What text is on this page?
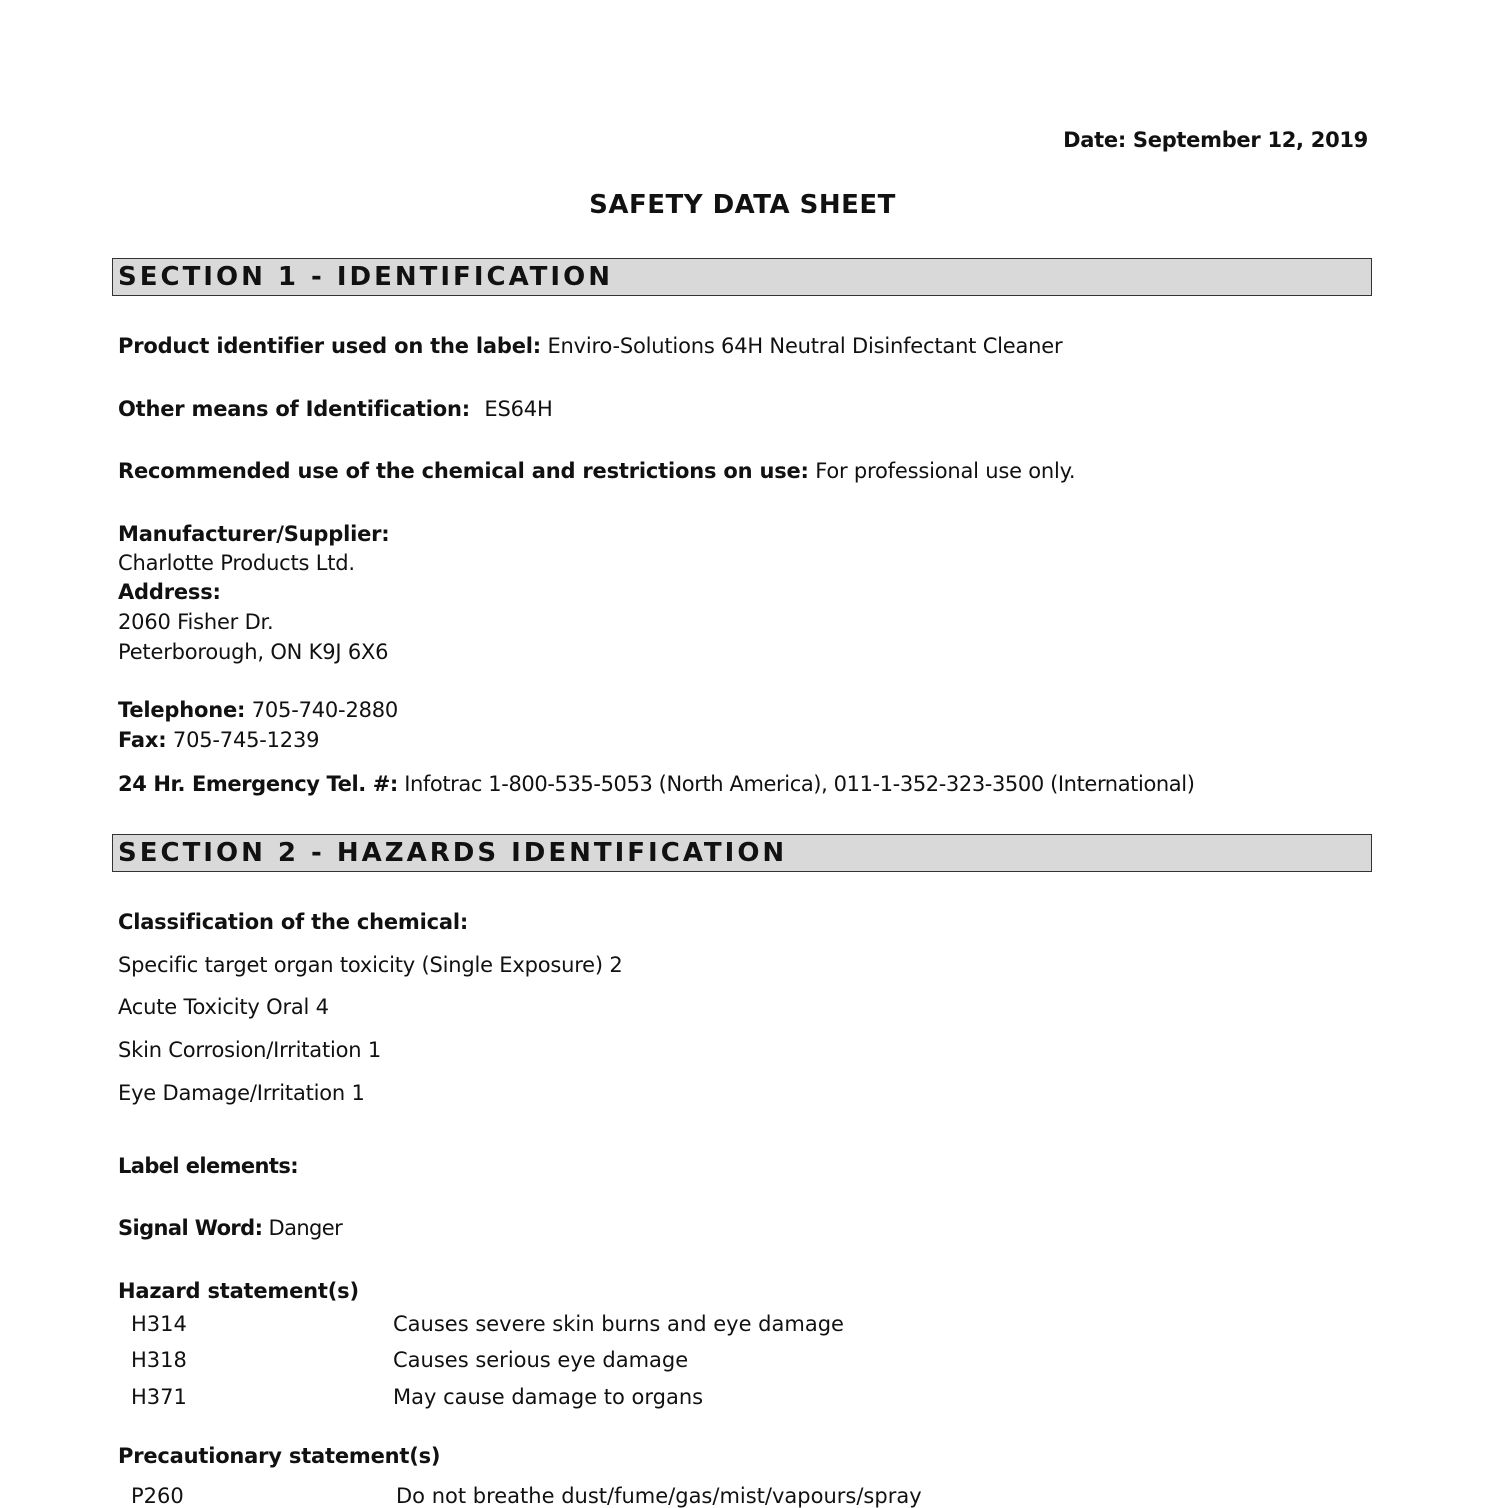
Date: September 12, 2019
SAFETY DATA SHEET
SECTION 1 - IDENTIFICATION
Product identifier used on the label: Enviro-Solutions 64H Neutral Disinfectant Cleaner
Other means of Identification: ES64H
Recommended use of the chemical and restrictions on use: For professional use only.
Manufacturer/Supplier:
Charlotte Products Ltd.
Address:
2060 Fisher Dr.
Peterborough, ON K9J 6X6
Telephone: 705-740-2880
Fax: 705-745-1239
24 Hr. Emergency Tel. #: Infotrac 1-800-535-5053 (North America), 011-1-352-323-3500 (International)
SECTION 2 - HAZARDS IDENTIFICATION
Classification of the chemical:
Specific target organ toxicity (Single Exposure) 2
Acute Toxicity Oral 4
Skin Corrosion/Irritation 1
Eye Damage/Irritation 1
Label elements:
Signal Word: Danger
Hazard statement(s)
H314	Causes severe skin burns and eye damage
H318	Causes serious eye damage
H371	May cause damage to organs
Precautionary statement(s)
P260	Do not breathe dust/fume/gas/mist/vapours/spray
